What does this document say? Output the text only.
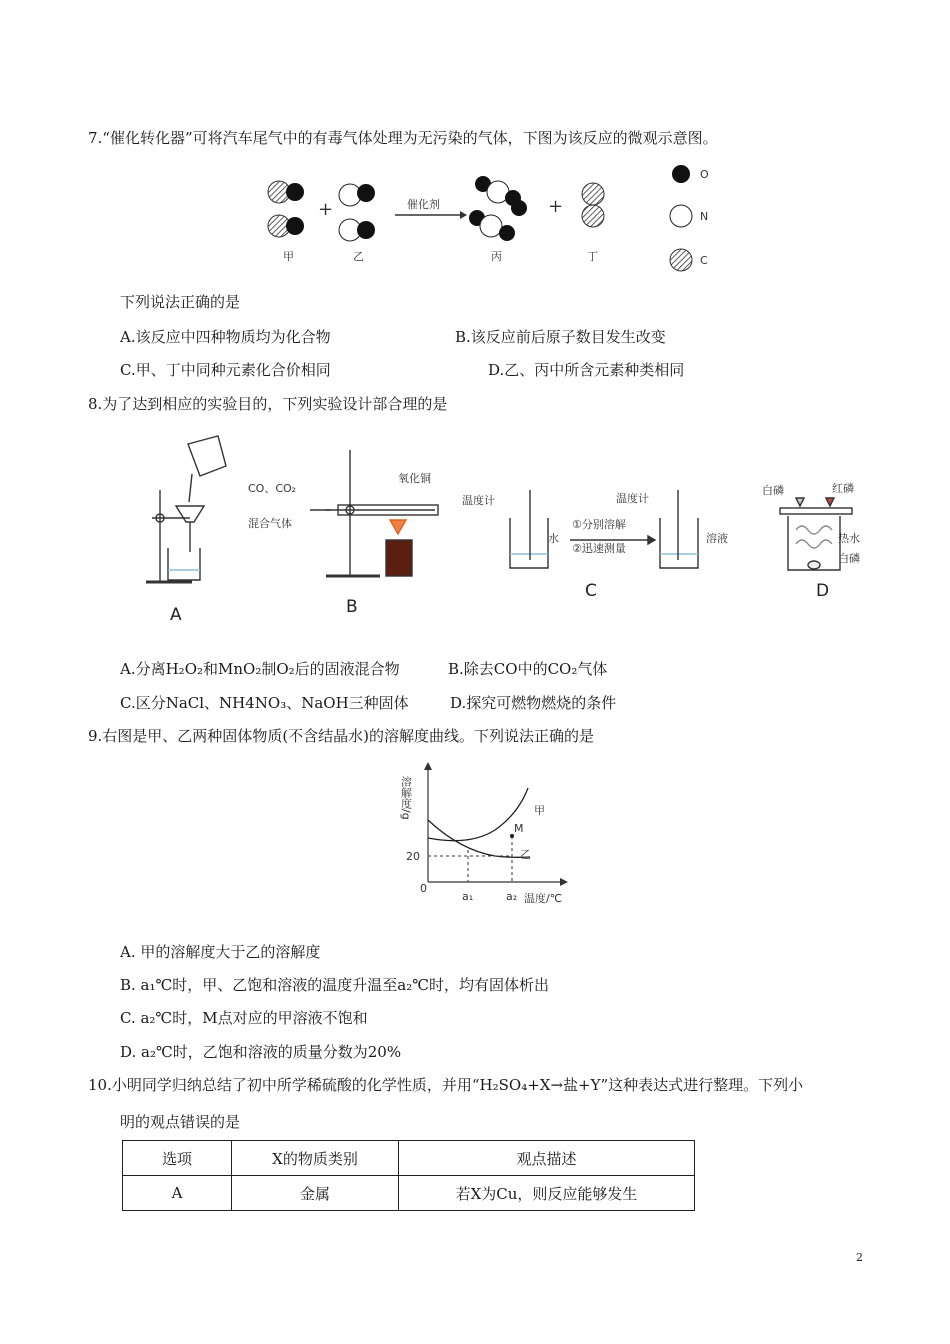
7.“催化转化器”可将汽车尾气中的有毒气体处理为无污染的气体，下图为该反应的微观示意图。
+	催化剂	+
甲	乙	丙	丁
O
N
C
下列说法正确的是
A.该反应中四种物质均为化合物	B.该反应前后原子数目发生改变
C.甲、丁中同种元素化合价相同	D.乙、丙中所含元素种类相同
8.为了达到相应的实验目的，下列实验设计部合理的是
A
CO、CO₂
混合气体
氧化铜
B
温度计
水
①分别溶解
②迅速测量
温度计
溶液
C
白磷	红磷
热水
白磷
D
A.分离H₂O₂和MnO₂制O₂后的固液混合物	B.除去CO中的CO₂气体
C.区分NaCl、NH4NO₃、NaOH三种固体	D.探究可燃物燃烧的条件
9.右图是甲、乙两种固体物质(不含结晶水)的溶解度曲线。下列说法正确的是
溶解度/g
0
20
a₁	a₂ 温度/℃
甲
乙
M
A. 甲的溶解度大于乙的溶解度
B. a₁℃时，甲、乙饱和溶液的温度升温至a₂℃时，均有固体析出
C. a₂℃时，M点对应的甲溶液不饱和
D. a₂℃时，乙饱和溶液的质量分数为20%
10.小明同学归纳总结了初中所学稀硫酸的化学性质，并用“H₂SO₄+X→盐+Y”这种表达式进行整理。下列小
明的观点错误的是
选项	X的物质类别	观点描述
A	金属	若X为Cu，则反应能够发生
2
